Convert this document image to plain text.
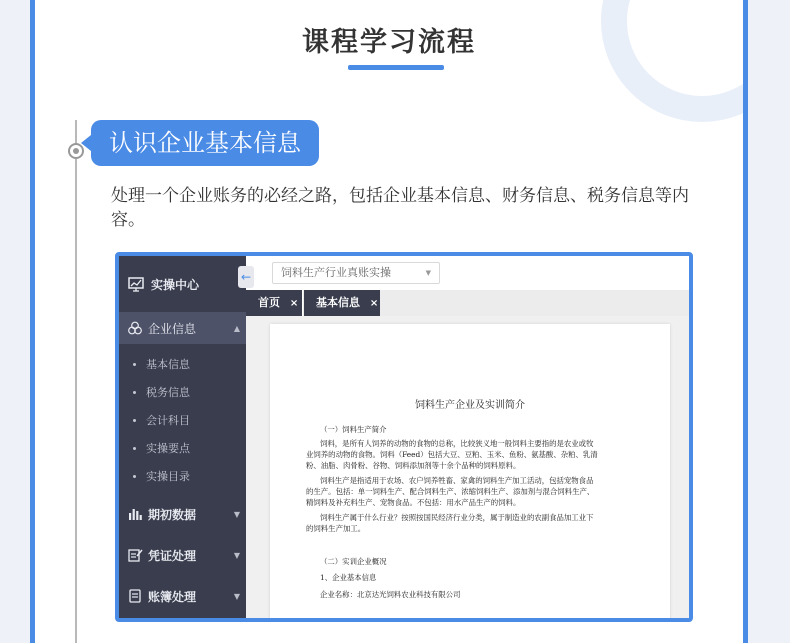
课程学习流程
认识企业基本信息
处理一个企业账务的必经之路，包括企业基本信息、财务信息、税务信息等内容。
实操中心
企业信息	▲
基本信息
税务信息
会计科目
实操要点
实操目录
期初数据	▼
凭证处理	▼
账簿处理	▼
←	饲料生产行业真账实操	▼
首页 ×	基本信息 ×
饲料生产企业及实训简介
（一）饲料生产简介
饲料，是所有人饲养的动物的食物的总称，比较狭义地一般饲料主要指的是农业或牧
业饲养的动物的食物。饲料（Feed）包括大豆、豆粕、玉米、鱼粉、氨基酸、杂粕、乳清
粉、油脂、肉骨粉、谷物、饲料添加剂等十余个品种的饲料原料。
饲料生产是指适用于农场、农户饲养牲畜、家禽的饲料生产加工活动，包括宠物食品
的生产。包括：单一饲料生产、配合饲料生产、浓缩饲料生产、添加剂与混合饲料生产、
精饲料及补充料生产、宠物食品。不包括：用水产品生产的饲料。
饲料生产属于什么行业？按照按国民经济行业分类，属于制造业的农副食品加工业下
的饲料生产加工。
（二）实训企业概况
1、企业基本信息
企业名称：北京达光饲料农业科技有限公司
